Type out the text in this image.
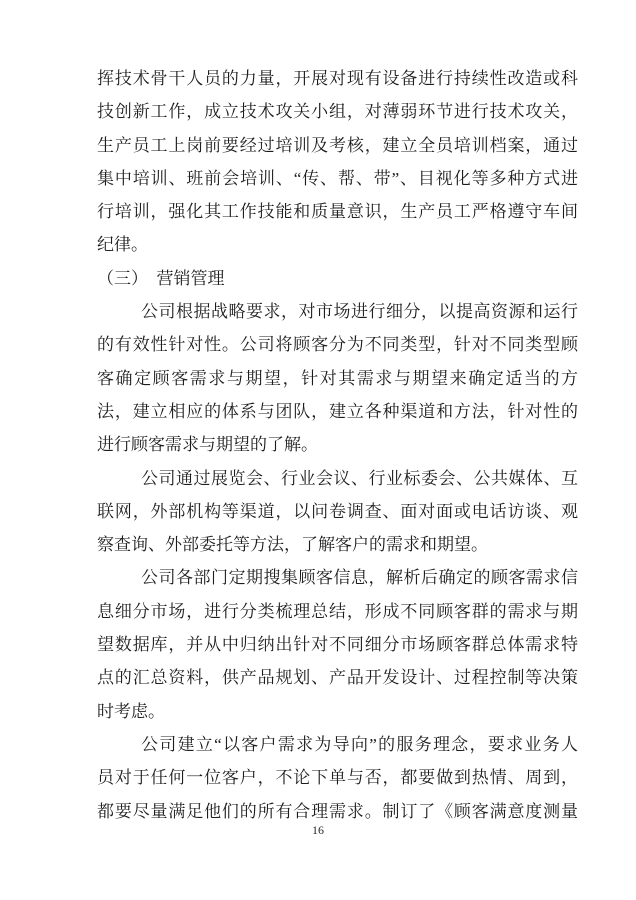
挥技术骨干人员的力量，开展对现有设备进行持续性改造或科
技创新工作，成立技术攻关小组，对薄弱环节进行技术攻关，
生产员工上岗前要经过培训及考核，建立全员培训档案，通过
集中培训、班前会培训、“传、帮、带”、目视化等多种方式进
行培训，强化其工作技能和质量意识，生产员工严格遵守车间
纪律。
（三）　营销管理
公司根据战略要求，对市场进行细分，以提高资源和运行
的有效性针对性。公司将顾客分为不同类型，针对不同类型顾
客确定顾客需求与期望，针对其需求与期望来确定适当的方
法，建立相应的体系与团队，建立各种渠道和方法，针对性的
进行顾客需求与期望的了解。
公司通过展览会、行业会议、行业标委会、公共媒体、互
联网，外部机构等渠道，以问卷调查、面对面或电话访谈、观
察查询、外部委托等方法，了解客户的需求和期望。
公司各部门定期搜集顾客信息，解析后确定的顾客需求信
息细分市场，进行分类梳理总结，形成不同顾客群的需求与期
望数据库，并从中归纳出针对不同细分市场顾客群总体需求特
点的汇总资料，供产品规划、产品开发设计、过程控制等决策
时考虑。
公司建立“以客户需求为导向”的服务理念，要求业务人
员对于任何一位客户，不论下单与否，都要做到热情、周到，
都要尽量满足他们的所有合理需求。制订了《顾客满意度测量
16
